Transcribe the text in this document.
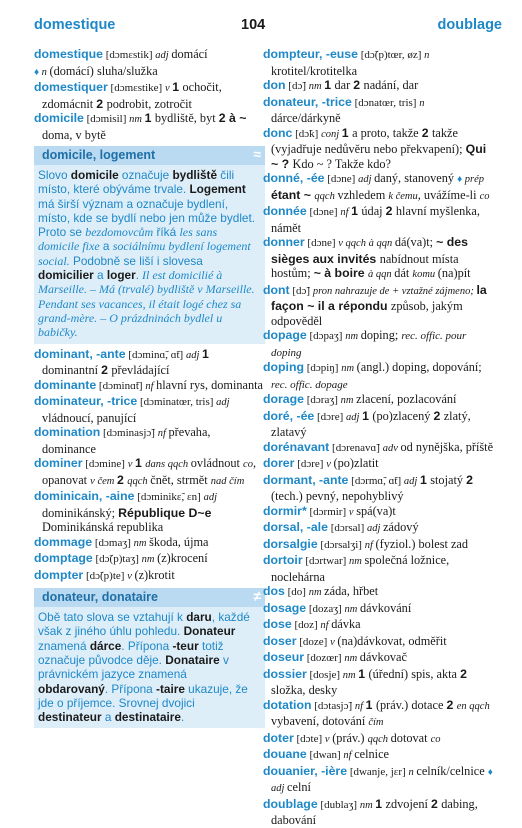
domestique	104	doublage
domestique [dɔmɛstik] adj domácí
♦ n (domácí) sluha/služka
domestiquer [dɔmɛstike] v 1 ochočit, zdomácnit 2 podrobit, zotročit
domicile [dɔmisil] nm 1 bydliště, byt 2 à ~ doma, v bytě
domicile, logement	≈
Slovo domicile označuje bydliště čili místo, které obýváme trvale. Logement má širší význam a označuje bydlení, místo, kde se bydlí nebo jen může bydlet. Proto se bezdomovcům říká les sans domicile fixe a sociálnímu bydlení logement social. Podobně se liší i slovesa domicilier a loger. Il est domicilié à Marseille. – Má (trvalé) bydliště v Marseille. Pendant ses vacances, il était logé chez sa grand-mère. – O prázdninách bydlel u babičky.
dominant, -ante [dɔminɑ̃, ɑ̃t] adj 1 dominantní 2 převládající
dominante [dɔminɑ̃t] nf hlavní rys, dominanta
dominateur, -trice [dɔminatœr, tris] adj vládnoucí, panující
domination [dɔminasjɔ̃] nf převaha, dominance
dominer [dɔmine] v 1 dans qqch ovládnout co, opanovat v čem 2 qqch čnět, strmět nad čím
dominicain, -aine [dɔminikɛ̃, ɛn] adj dominikánský; République D~e Dominikánská republika
dommage [dɔmaʒ] nm škoda, újma
domptage [dɔ̃(p)taʒ] nm (z)krocení
dompter [dɔ̃(p)te] v (z)krotit
donateur, donataire	≠
Obě tato slova se vztahují k daru, každé však z jiného úhlu pohledu. Donateur znamená dárce. Přípona -teur totiž označuje původce děje. Donataire v právnickém jazyce znamená obdarovaný. Přípona -taire ukazuje, že jde o příjemce. Srovnej dvojici destinateur a destinataire.
dompteur, -euse [dɔ̃(p)tœr, øz] n krotitel/krotitelka
don [dɔ̃] nm 1 dar 2 nadání, dar
donateur, -trice [dɔnatœr, tris] n dárce/dárkyně
donc [dɔ̃k] conj 1 a proto, takže 2 takže (vyjadřuje nedůvěru nebo překvapení); Qui ~ ? Kdo ~ ? Takže kdo?
donné, -ée [dɔne] adj daný, stanovený ♦ prép étant ~ qqch vzhledem k čemu, uvážíme-li co
donnée [dɔne] nf 1 údaj 2 hlavní myšlenka, námět
donner [dɔne] v qqch à qqn dá(va)t; ~ des sièges aux invités nabídnout místa hostům; ~ à boire à qqn dát komu (na)pít
dont [dɔ̃] pron nahrazuje de + vztažné zájmeno; la façon ~ il a répondu způsob, jakým odpověděl
dopage [dɔpaʒ] nm doping; rec. offic. pour doping
doping [dɔpiŋ] nm (angl.) doping, dopování; rec. offic. dopage
dorage [dɔraʒ] nm zlacení, pozlacování
doré, -ée [dɔre] adj 1 (po)zlacený 2 zlatý, zlatavý
dorénavant [dɔrenavɑ̃] adv od nynějška, příště
dorer [dɔre] v (po)zlatit
dormant, -ante [dɔrmɑ̃, ɑ̃t] adj 1 stojatý 2 (tech.) pevný, nepohyblivý
dormir* [dɔrmir] v spá(va)t
dorsal, -ale [dɔrsal] adj zádový
dorsalgie [dɔrsalʒi] nf (fyziol.) bolest zad
dortoir [dɔrtwar] nm společná ložnice, noclehárna
dos [do] nm záda, hřbet
dosage [dozaʒ] nm dávkování
dose [doz] nf dávka
doser [doze] v (na)dávkovat, odměřit
doseur [dozœr] nm dávkovač
dossier [dosje] nm 1 (úřední) spis, akta 2 složka, desky
dotation [dɔtasjɔ̃] nf 1 (práv.) dotace 2 en qqch vybavení, dotování čím
doter [dɔte] v (práv.) qqch dotovat co
douane [dwan] nf celnice
douanier, -ière [dwanje, jɛr] n celník/celnice ♦ adj celní
doublage [dublaʒ] nm 1 zdvojení 2 dabing, dabování
